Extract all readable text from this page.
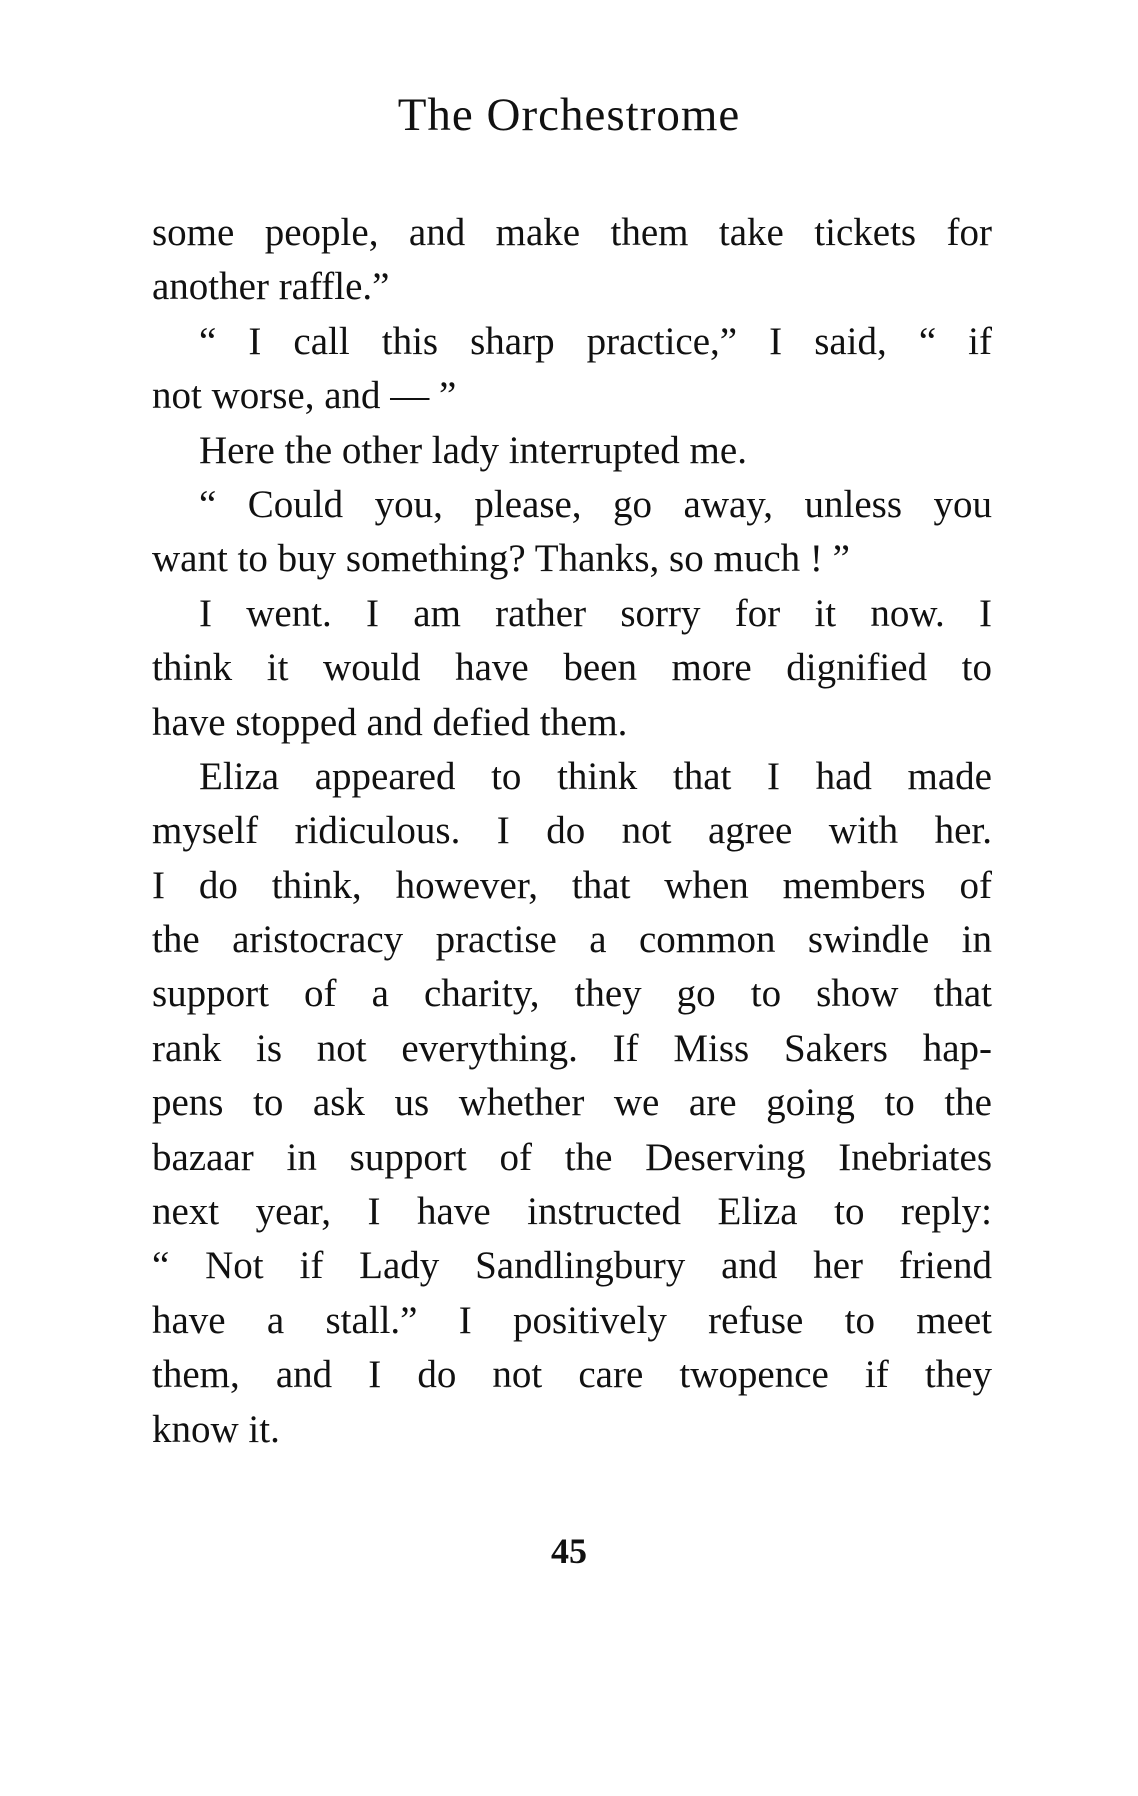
The Orchestrome
some people, and make them take tickets for
another raffle.”
“ I call this sharp practice,” I said, “ if
not worse, and — ”
Here the other lady interrupted me.
“ Could you, please, go away, unless you
want to buy something? Thanks, so much ! ”
I went. I am rather sorry for it now. I
think it would have been more dignified to
have stopped and defied them.
Eliza appeared to think that I had made
myself ridiculous. I do not agree with her.
I do think, however, that when members of
the aristocracy practise a common swindle in
support of a charity, they go to show that
rank is not everything. If Miss Sakers hap-
pens to ask us whether we are going to the
bazaar in support of the Deserving Inebriates
next year, I have instructed Eliza to reply:
“ Not if Lady Sandlingbury and her friend
have a stall.” I positively refuse to meet
them, and I do not care twopence if they
know it.
45
